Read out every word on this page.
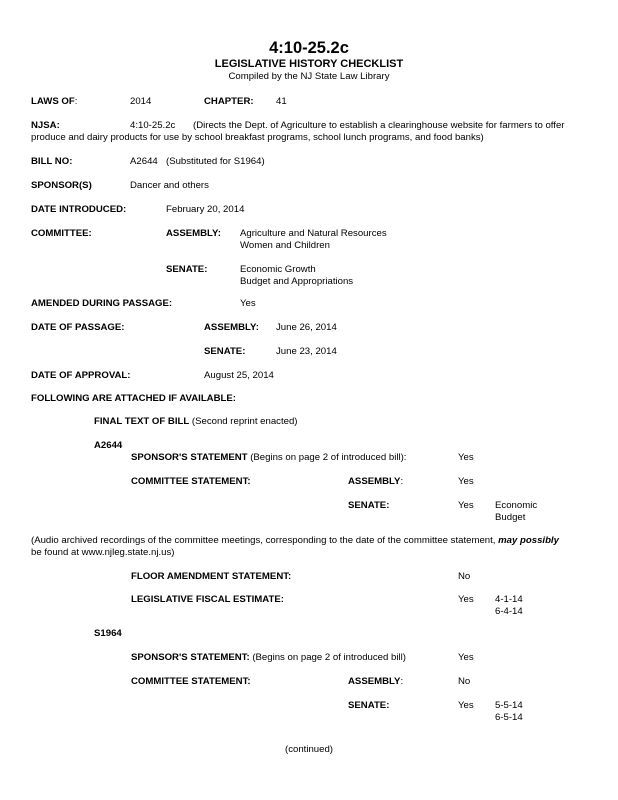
4:10-25.2c
LEGISLATIVE HISTORY CHECKLIST
Compiled by the NJ State Law Library
LAWS OF:	2014	CHAPTER: 41
NJSA:	4:10-25.2c (Directs the Dept. of Agriculture to establish a clearinghouse website for farmers to offer
produce and dairy products for use by school breakfast programs, school lunch programs, and food banks)
BILL NO:	A2644 (Substituted for S1964)
SPONSOR(S)	Dancer and others
DATE INTRODUCED:	February 20, 2014
COMMITTEE:	ASSEMBLY: Agriculture and Natural Resources
Women and Children
SENATE:	Economic Growth
Budget and Appropriations
AMENDED DURING PASSAGE:	Yes
DATE OF PASSAGE:	ASSEMBLY: June 26, 2014
SENATE:	June 23, 2014
DATE OF APPROVAL:	August 25, 2014
FOLLOWING ARE ATTACHED IF AVAILABLE:
FINAL TEXT OF BILL (Second reprint enacted)
A2644
SPONSOR'S STATEMENT (Begins on page 2 of introduced bill):	Yes
COMMITTEE STATEMENT:	ASSEMBLY:	Yes
SENATE:	Yes Economic
Budget
(Audio archived recordings of the committee meetings, corresponding to the date of the committee statement, may possibly
be found at www.njleg.state.nj.us)
FLOOR AMENDMENT STATEMENT:	No
LEGISLATIVE FISCAL ESTIMATE:	Yes 4-1-14
6-4-14
S1964
SPONSOR'S STATEMENT: (Begins on page 2 of introduced bill)	Yes
COMMITTEE STATEMENT:	ASSEMBLY:	No
SENATE:	Yes 5-5-14
6-5-14
(continued)
